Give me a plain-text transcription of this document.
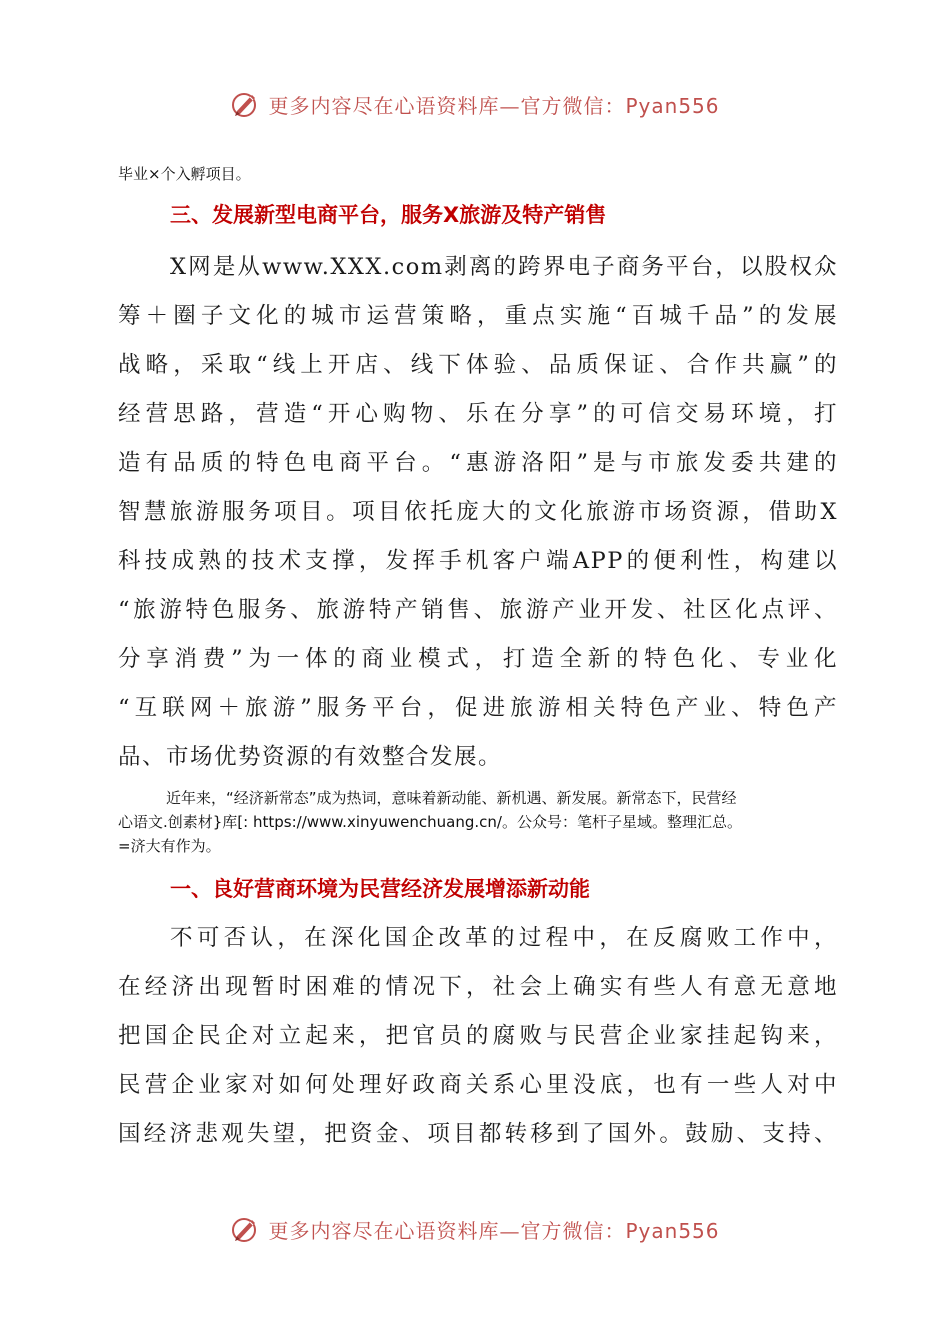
更多内容尽在心语资料库—官方微信：Pyan556
毕业×个入孵项目。
三、发展新型电商平台，服务X旅游及特产销售
X网是从www.XXX.com剥离的跨界电子商务平台，以股权众
筹＋圈子文化的城市运营策略，重点实施“百城千品”的发展
战略，采取“线上开店、线下体验、品质保证、合作共赢”的
经营思路，营造“开心购物、乐在分享”的可信交易环境，打
造有品质的特色电商平台。“惠游洛阳”是与市旅发委共建的
智慧旅游服务项目。项目依托庞大的文化旅游市场资源，借助X
科技成熟的技术支撑，发挥手机客户端APP的便利性，构建以
“旅游特色服务、旅游特产销售、旅游产业开发、社区化点评、
分享消费”为一体的商业模式，打造全新的特色化、专业化
“互联网＋旅游”服务平台，促进旅游相关特色产业、特色产
品、市场优势资源的有效整合发展。
近年来，“经济新常态”成为热词，意味着新动能、新机遇、新发展。新常态下，民营经
心语文.创素材}库[: https://www.xinyuwenchuang.cn/。公众号：笔杆子星域。整理汇总。
=济大有作为。
一、良好营商环境为民营经济发展增添新动能
不可否认，在深化国企改革的过程中，在反腐败工作中，
在经济出现暂时困难的情况下，社会上确实有些人有意无意地
把国企民企对立起来，把官员的腐败与民营企业家挂起钩来，
民营企业家对如何处理好政商关系心里没底，也有一些人对中
国经济悲观失望，把资金、项目都转移到了国外。鼓励、支持、
更多内容尽在心语资料库—官方微信：Pyan556
